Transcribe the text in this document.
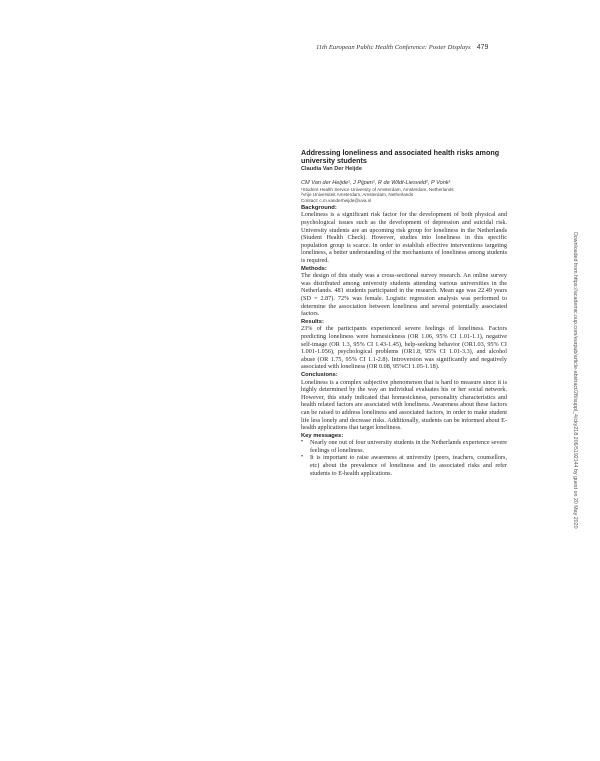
11th European Public Health Conference: Poster Displays 479
Addressing loneliness and associated health risks among university students
Claudia Van Der Heijde
CM Van der Heijde¹, J Pijpen¹, R de Wildt-Liesveld², P Vonk¹
¹Student Health Service University of Amsterdam, Amsterdam, Netherlands
²Vrije Universiteit Amsterdam, Amsterdam, Netherlands
Contact: c.m.vanderheijde@uva.nl
Background:

Loneliness is a significant risk factor for the development of both physical and psychological issues such as the development of depression and suicidal risk. University students are an upcoming risk group for loneliness in the Netherlands (Student Health Check). However, studies into loneliness in this specific population group is scarce. In order to establish effective interventions targeting loneliness, a better understanding of the mechanisms of loneliness among students is required.

Methods:

The design of this study was a cross-sectional survey research. An online survey was distributed among university students attending various universities in the Netherlands. 481 students participated in the research. Mean age was 22.49 years (SD = 2.87). 72% was female. Logistic regression analysis was performed to determine the association between loneliness and several potentially associated factors.

Results:

23% of the participants experienced severe feelings of loneliness. Factors predicting loneliness were homesickness (OR 1.06, 95% CI 1.01-1.1), negative self-image (OR 1.3, 95% CI 1.43-1.45), help-seeking behavior (OR1.03, 95% CI 1.001-1.056), psychological problems (OR1.8, 95% CI 1.01-3.3), and alcohol abuse (OR 1.75, 95% CI 1.1-2.8). Introversion was significantly and negatively associated with loneliness (OR 0.08, 95%CI 1.05-1.18).

Conclusions:

Loneliness is a complex subjective phenomenon that is hard to measure since it is highly determined by the way an individual evaluates his or her social network. However, this study indicated that homesickness, personality characteristics and health related factors are associated with loneliness. Awareness about these factors can be raised to address loneliness and associated factors, in order to make student life less lonely and decrease risks. Additionally, students can be informed about E-health applications that target loneliness.

Key messages:
• Nearly one out of four university students in the Netherlands experience severe feelings of loneliness.
• It is important to raise awareness at university (peers, teachers, counsellors, etc) about the prevalence of loneliness and its associated risks and refer students to E-health applications.	Downloaded from https://academic.oup.com/eurpub/article-abstract/28/suppl_4/cky218.206/5192144 by guest on 20 May 2020
